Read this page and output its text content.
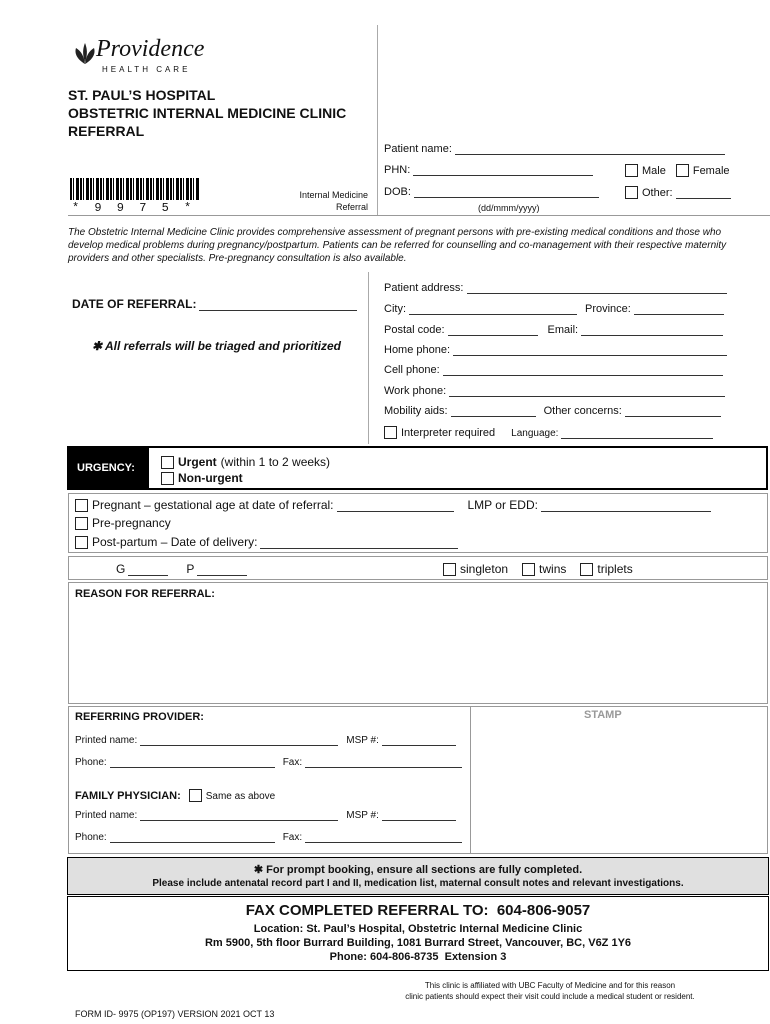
Providence
HEALTH CARE
ST. PAUL’S HOSPITAL
OBSTETRIC INTERNAL MEDICINE CLINIC
REFERRAL
* 9 9 7 5 *
Internal Medicine
Referral
Patient name:
PHN:	Male Female
DOB:	Other:
(dd/mmm/yyyy)
The Obstetric Internal Medicine Clinic provides comprehensive assessment of pregnant persons with pre-existing medical conditions and those who develop medical problems during pregnancy/postpartum. Patients can be referred for counselling and co-management with their respective maternity providers and other specialists. Pre-pregnancy consultation is also available.
DATE OF REFERRAL:
✱ All referrals will be triaged and prioritized
Patient address:
City:	Province:
Postal code:	Email:
Home phone:
Cell phone:
Work phone:
Mobility aids:	Other concerns:
Interpreter required Language:
URGENCY:	Urgent (within 1 to 2 weeks)
Non-urgent
Pregnant – gestational age at date of referral:	LMP or EDD:
Pre-pregnancy
Post-partum – Date of delivery:
G	P	singleton	twins	triplets
REASON FOR REFERRAL:
STAMP
REFERRING PROVIDER:
Printed name:	MSP #:
Phone:	Fax:
FAMILY PHYSICIAN:	Same as above
Printed name:	MSP #:
Phone:	Fax:
✱ For prompt booking, ensure all sections are fully completed.
Please include antenatal record part I and II, medication list, maternal consult notes and relevant investigations.
FAX COMPLETED REFERRAL TO:  604-806-9057
Location: St. Paul’s Hospital, Obstetric Internal Medicine Clinic
Rm 5900, 5th floor Burrard Building, 1081 Burrard Street, Vancouver, BC, V6Z 1Y6
Phone: 604-806-8735  Extension 3
FORM ID- 9975 (OP197) VERSION 2021 OCT 13
This clinic is affiliated with UBC Faculty of Medicine and for this reason
clinic patients should expect their visit could include a medical student or resident.
